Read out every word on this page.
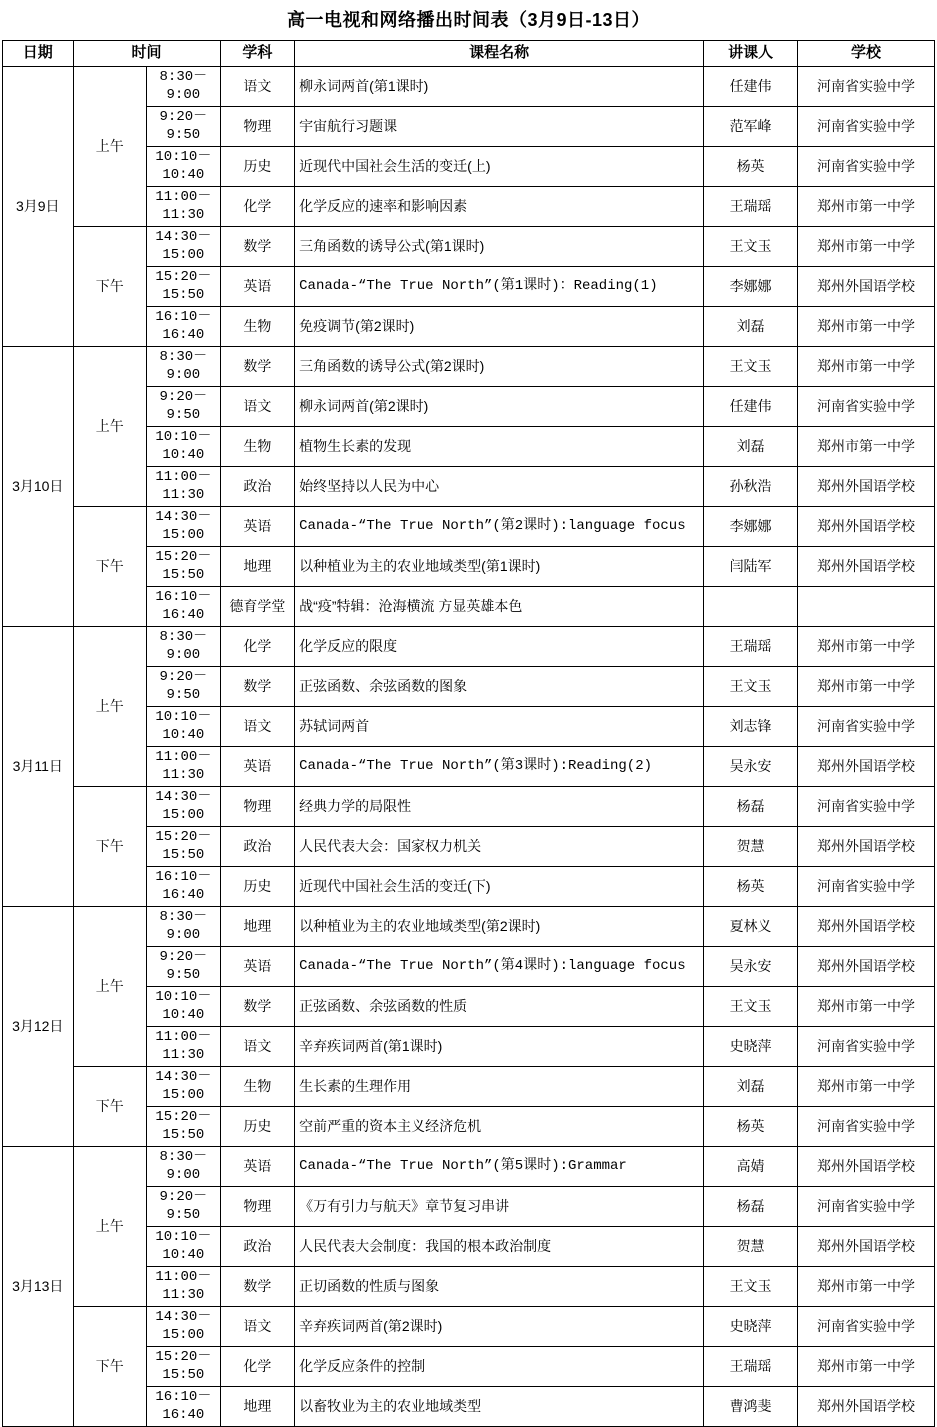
高一电视和网络播出时间表（3月9日-13日）
日期	时间		学科	课程名称	讲课人	学校
3月9日	上午	8:30－9:00	语文	柳永词两首(第1课时)	任建伟	河南省实验中学
		9:20－9:50	物理	宇宙航行习题课	范军峰	河南省实验中学
		10:10－10:40	历史	近现代中国社会生活的变迁(上)	杨英	河南省实验中学
		11:00－11:30	化学	化学反应的速率和影响因素	王瑞瑶	郑州市第一中学
	下午	14:30－15:00	数学	三角函数的诱导公式(第1课时)	王文玉	郑州市第一中学
		15:20－15:50	英语	Canada-“The True North”(第1课时)：Reading(1)	李娜娜	郑州外国语学校
		16:10－16:40	生物	免疫调节(第2课时)	刘磊	郑州市第一中学
3月10日	上午	8:30－9:00	数学	三角函数的诱导公式(第2课时)	王文玉	郑州市第一中学
		9:20－9:50	语文	柳永词两首(第2课时)	任建伟	河南省实验中学
		10:10－10:40	生物	植物生长素的发现	刘磊	郑州市第一中学
		11:00－11:30	政治	始终坚持以人民为中心	孙秋浩	郑州外国语学校
	下午	14:30－15:00	英语	Canada-“The True North”(第2课时):language focus	李娜娜	郑州外国语学校
		15:20－15:50	地理	以种植业为主的农业地域类型(第1课时)	闫陆军	郑州外国语学校
		16:10－16:40	德育学堂	战“疫”特辑：沧海横流 方显英雄本色		
3月11日	上午	8:30－9:00	化学	化学反应的限度	王瑞瑶	郑州市第一中学
		9:20－9:50	数学	正弦函数、余弦函数的图象	王文玉	郑州市第一中学
		10:10－10:40	语文	苏轼词两首	刘志锋	河南省实验中学
		11:00－11:30	英语	Canada-“The True North”(第3课时):Reading(2)	吴永安	郑州外国语学校
	下午	14:30－15:00	物理	经典力学的局限性	杨磊	河南省实验中学
		15:20－15:50	政治	人民代表大会：国家权力机关	贺慧	郑州外国语学校
		16:10－16:40	历史	近现代中国社会生活的变迁(下)	杨英	河南省实验中学
3月12日	上午	8:30－9:00	地理	以种植业为主的农业地域类型(第2课时)	夏林义	郑州外国语学校
		9:20－9:50	英语	Canada-“The True North”(第4课时):language focus	吴永安	郑州外国语学校
		10:10－10:40	数学	正弦函数、余弦函数的性质	王文玉	郑州市第一中学
		11:00－11:30	语文	辛弃疾词两首(第1课时)	史晓萍	河南省实验中学
	下午	14:30－15:00	生物	生长素的生理作用	刘磊	郑州市第一中学
		15:20－15:50	历史	空前严重的资本主义经济危机	杨英	河南省实验中学
3月13日	上午	8:30－9:00	英语	Canada-“The True North”(第5课时):Grammar	高婧	郑州外国语学校
		9:20－9:50	物理	《万有引力与航天》章节复习串讲	杨磊	河南省实验中学
		10:10－10:40	政治	人民代表大会制度：我国的根本政治制度	贺慧	郑州外国语学校
		11:00－11:30	数学	正切函数的性质与图象	王文玉	郑州市第一中学
	下午	14:30－15:00	语文	辛弃疾词两首(第2课时)	史晓萍	河南省实验中学
		15:20－15:50	化学	化学反应条件的控制	王瑞瑶	郑州市第一中学
		16:10－16:40	地理	以畜牧业为主的农业地域类型	曹鸿斐	郑州外国语学校
